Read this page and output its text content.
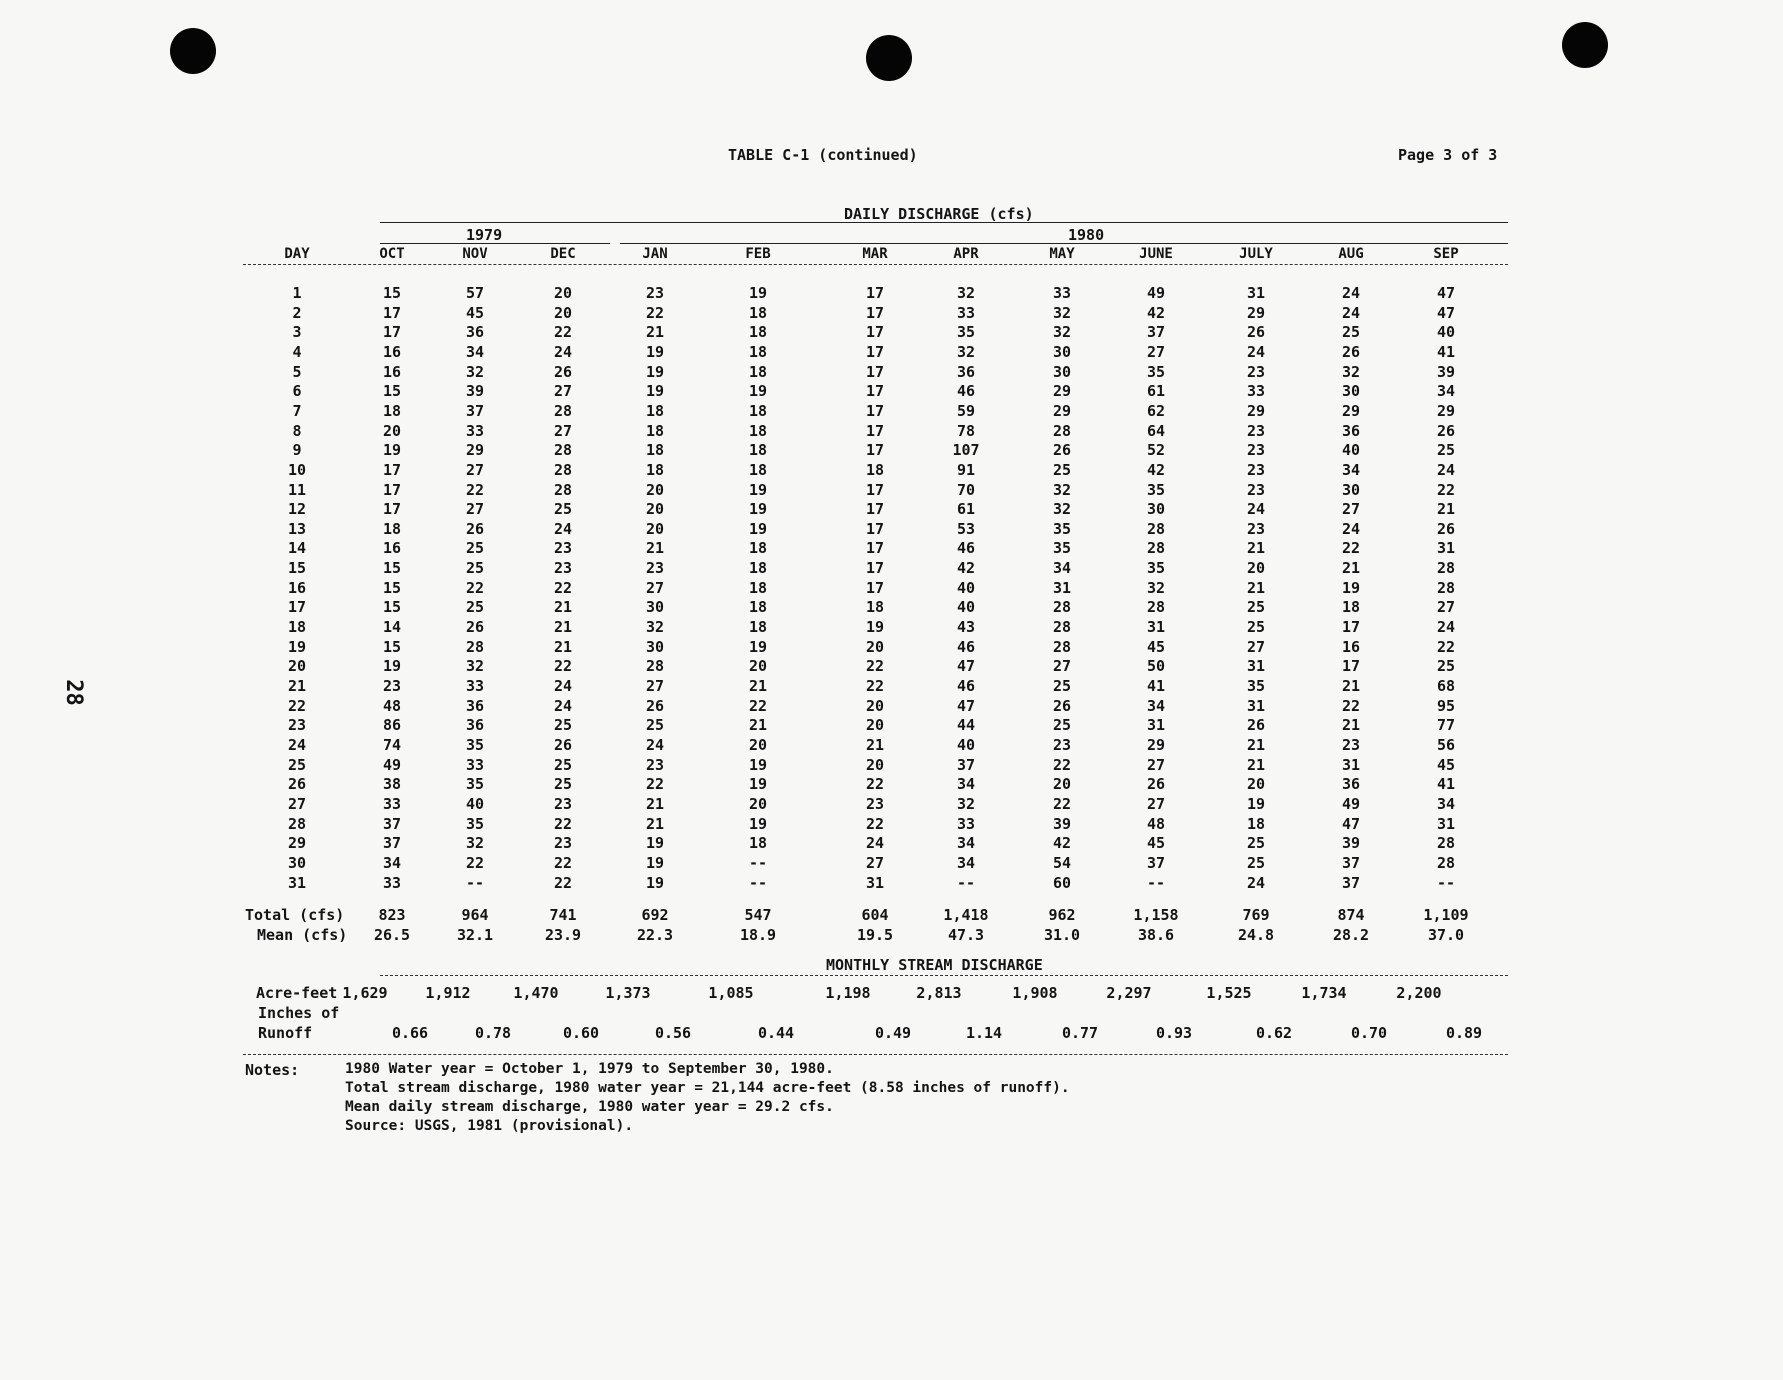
28
TABLE C-1 (continued)	Page 3 of 3
DAILY DISCHARGE (cfs)
1979	1980
DAY	OCT	NOV	DEC	JAN	FEB	MAR	APR	MAY	JUNE	JULY	AUG	SEP
1	15	57	20	23	19	17	32	33	49	31	24	47
2	17	45	20	22	18	17	33	32	42	29	24	47
3	17	36	22	21	18	17	35	32	37	26	25	40
4	16	34	24	19	18	17	32	30	27	24	26	41
5	16	32	26	19	18	17	36	30	35	23	32	39
6	15	39	27	19	19	17	46	29	61	33	30	34
7	18	37	28	18	18	17	59	29	62	29	29	29
8	20	33	27	18	18	17	78	28	64	23	36	26
9	19	29	28	18	18	17	107	26	52	23	40	25
10	17	27	28	18	18	18	91	25	42	23	34	24
11	17	22	28	20	19	17	70	32	35	23	30	22
12	17	27	25	20	19	17	61	32	30	24	27	21
13	18	26	24	20	19	17	53	35	28	23	24	26
14	16	25	23	21	18	17	46	35	28	21	22	31
15	15	25	23	23	18	17	42	34	35	20	21	28
16	15	22	22	27	18	17	40	31	32	21	19	28
17	15	25	21	30	18	18	40	28	28	25	18	27
18	14	26	21	32	18	19	43	28	31	25	17	24
19	15	28	21	30	19	20	46	28	45	27	16	22
20	19	32	22	28	20	22	47	27	50	31	17	25
21	23	33	24	27	21	22	46	25	41	35	21	68
22	48	36	24	26	22	20	47	26	34	31	22	95
23	86	36	25	25	21	20	44	25	31	26	21	77
24	74	35	26	24	20	21	40	23	29	21	23	56
25	49	33	25	23	19	20	37	22	27	21	31	45
26	38	35	25	22	19	22	34	20	26	20	36	41
27	33	40	23	21	20	23	32	22	27	19	49	34
28	37	35	22	21	19	22	33	39	48	18	47	31
29	37	32	23	19	18	24	34	42	45	25	39	28
30	34	22	22	19	--	27	34	54	37	25	37	28
31	33	--	22	19	--	31	--	60	--	24	37	--
Total (cfs)	823	964	741	692	547	604	1,418	962	1,158	769	874	1,109
Mean (cfs)	26.5	32.1	23.9	22.3	18.9	19.5	47.3	31.0	38.6	24.8	28.2	37.0
Acre-feet 1,629	1,912	1,470	1,373	1,085	1,198	2,813	1,908	2,297	1,525	1,734	2,200
Inches of
Runoff	0.66	0.78	0.60	0.56	0.44	0.49	1.14	0.77	0.93	0.62	0.70	0.89
MONTHLY STREAM DISCHARGE
Notes:	1980 Water year = October 1, 1979 to September 30, 1980.
Total stream discharge, 1980 water year = 21,144 acre-feet (8.58 inches of runoff).
Mean daily stream discharge, 1980 water year = 29.2 cfs.
Source: USGS, 1981 (provisional).
